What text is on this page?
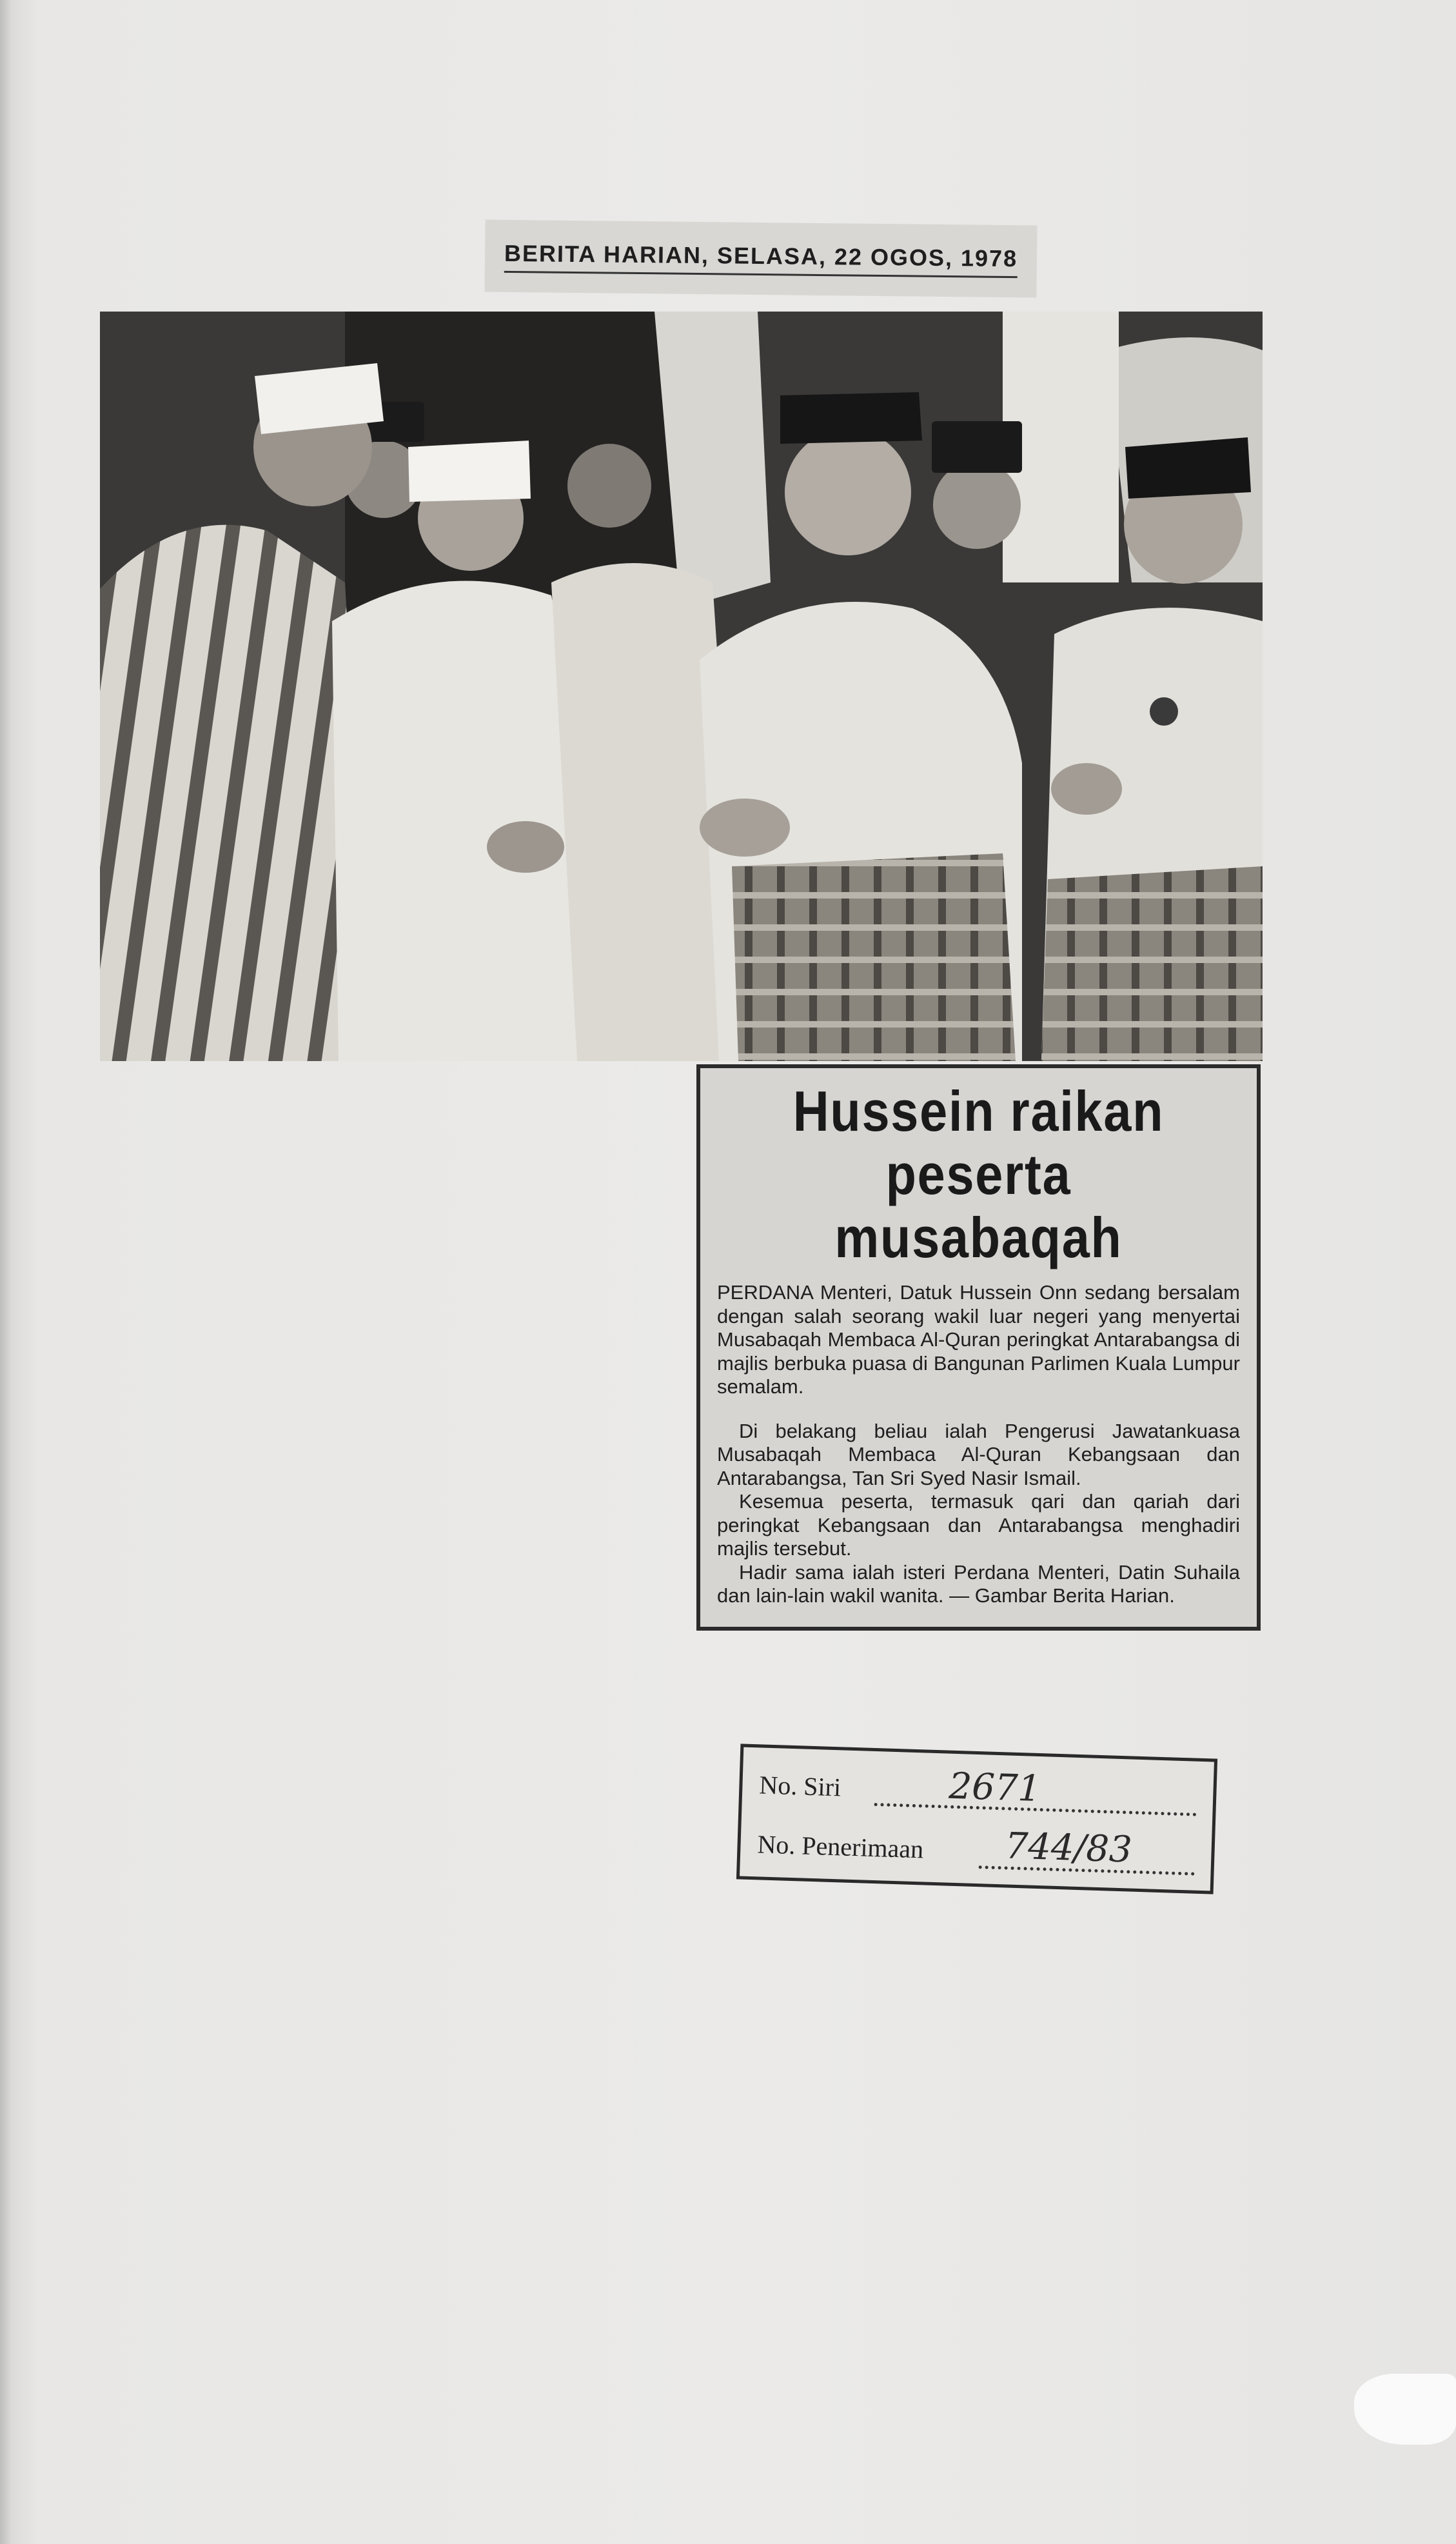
BERITA HARIAN, SELASA, 22 OGOS, 1978
Hussein raikan
peserta musabaqah

PERDANA Menteri, Datuk Hussein Onn sedang bersalam dengan salah seorang wakil luar negeri yang menyertai Musabaqah Membaca Al-Quran peringkat Antarabangsa di majlis berbuka puasa di Bangunan Parlimen Kuala Lumpur semalam.

Di belakang beliau ialah Pengerusi Jawatankuasa Musabaqah Membaca Al-Quran Kebangsaan dan Antarabangsa, Tan Sri Syed Nasir Ismail.

Kesemua peserta, termasuk qari dan qariah dari peringkat Kebangsaan dan Antarabangsa menghadiri majlis tersebut.

Hadir sama ialah isteri Perdana Menteri, Datin Suhaila dan lain-lain wakil wanita. — Gambar Berita Harian.

No. Siri	2671
No. Penerimaan 744/83
